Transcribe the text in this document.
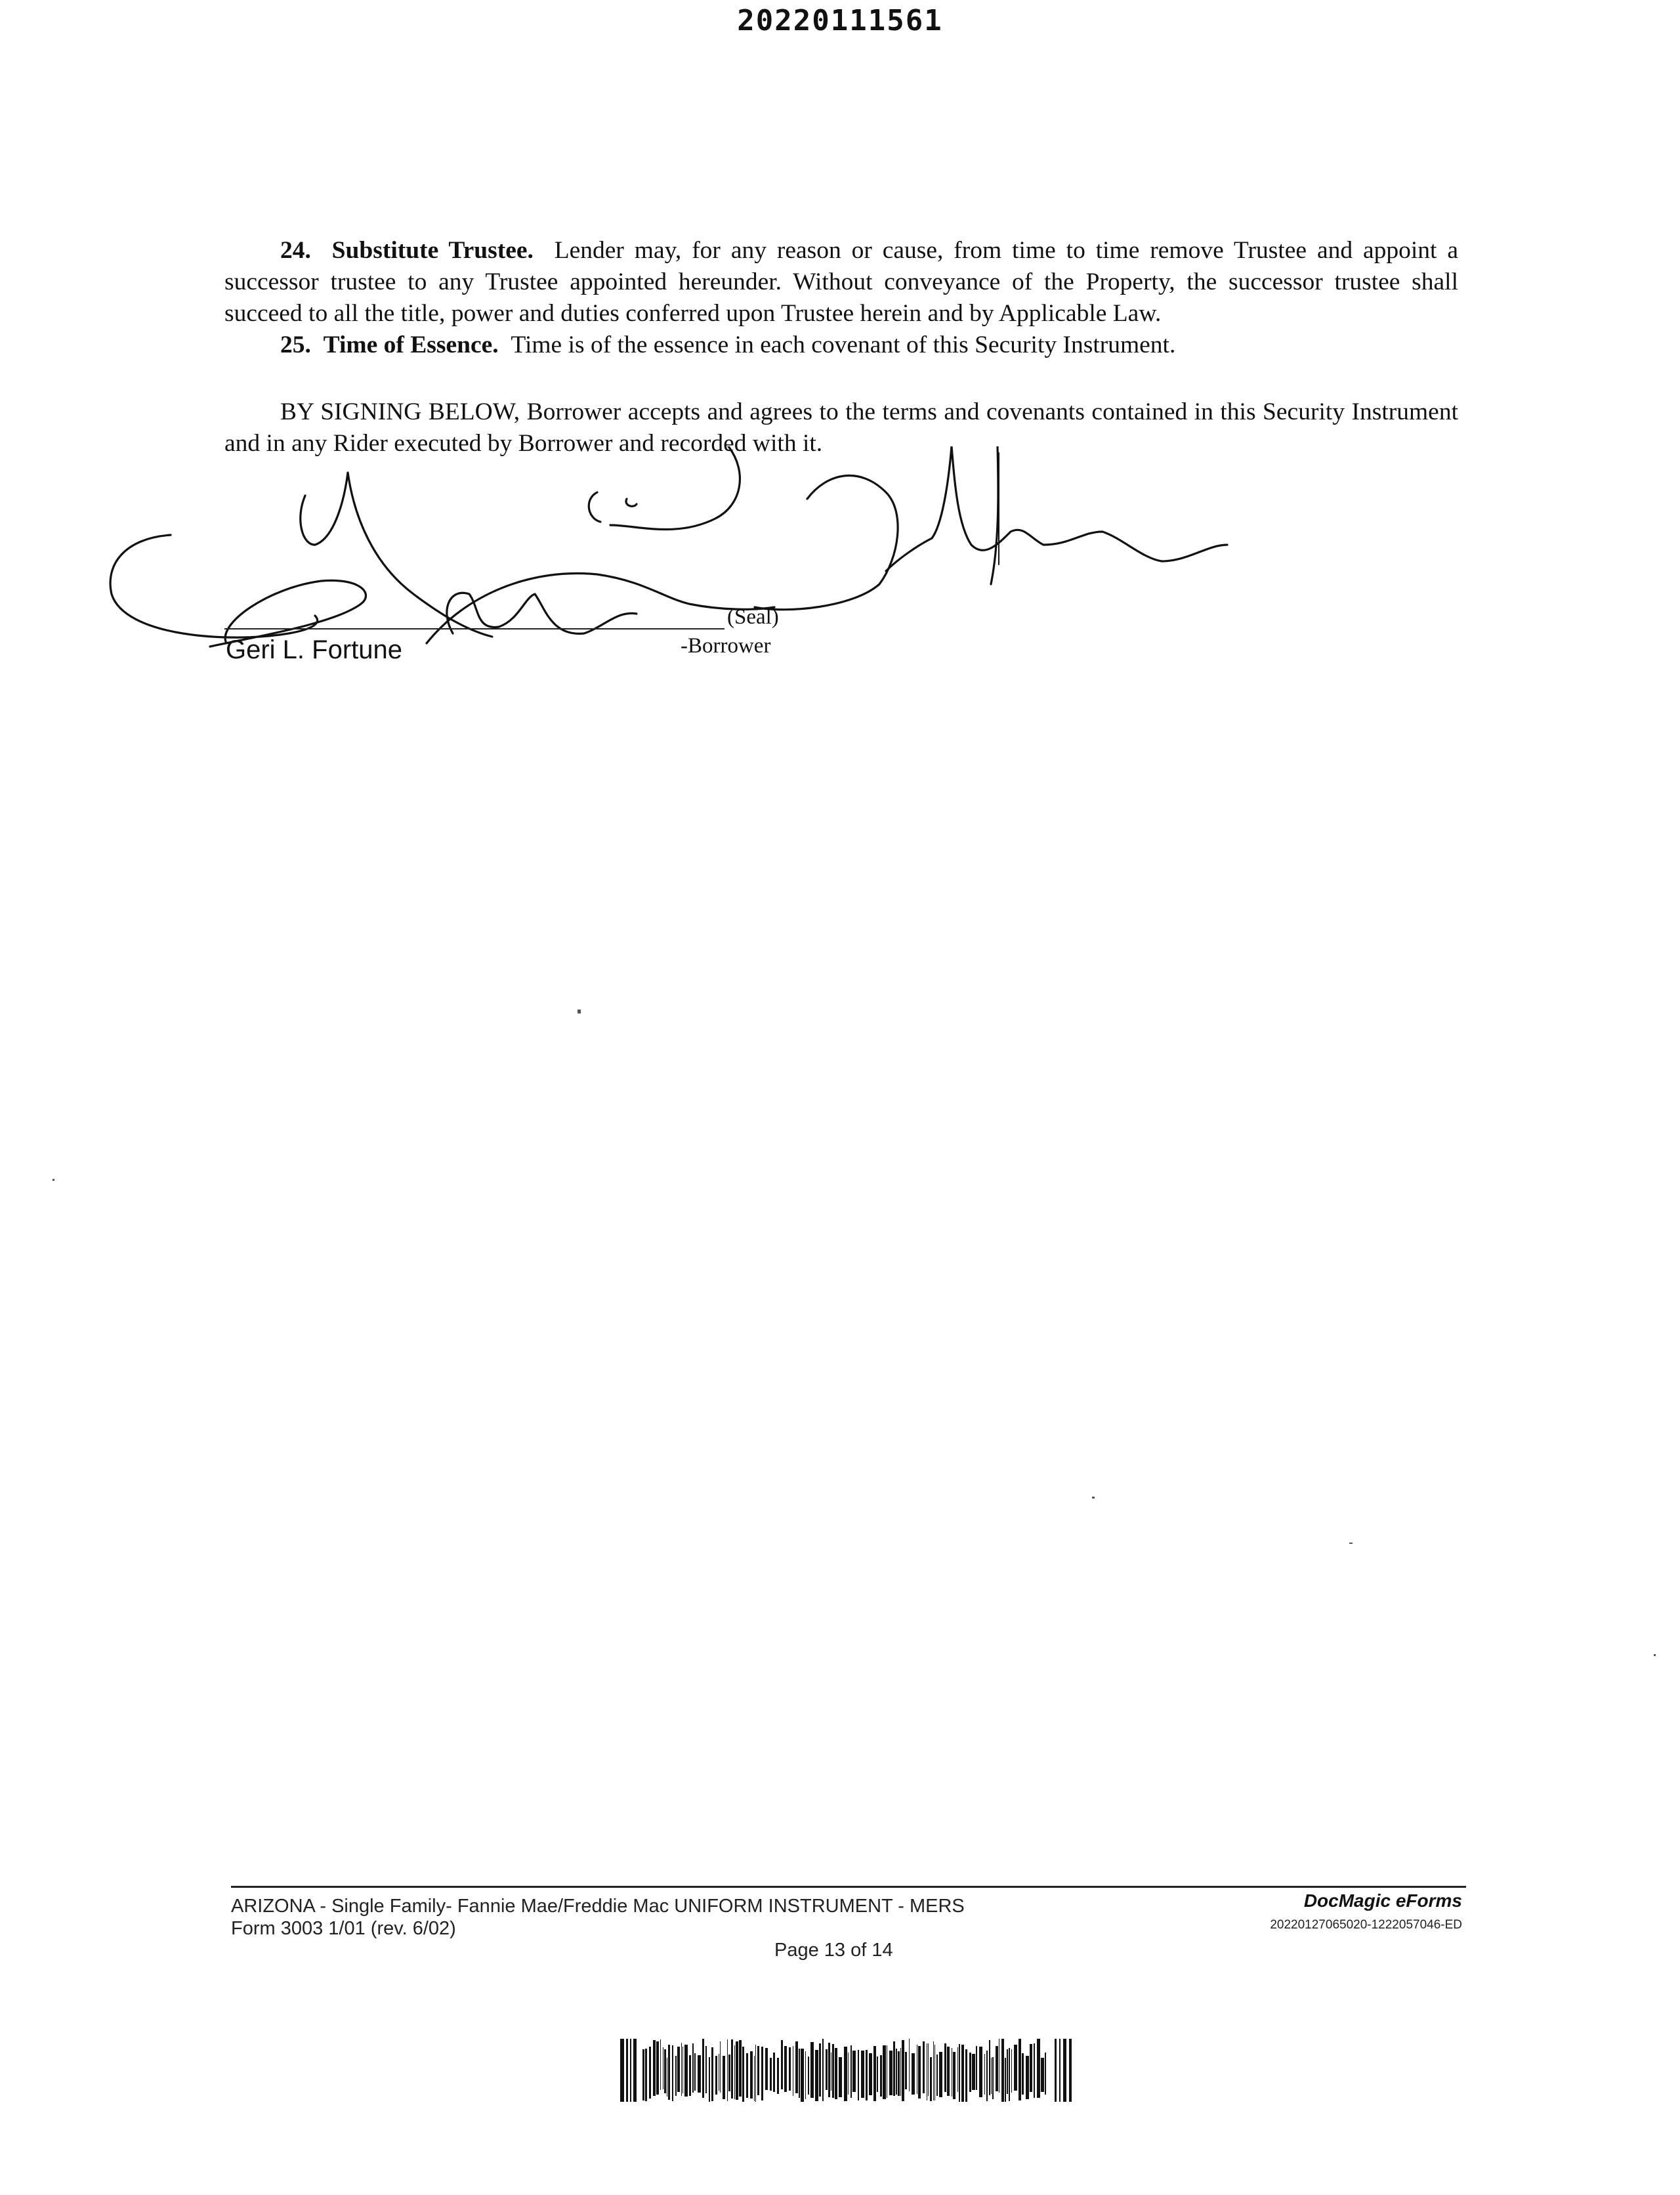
20220111561

24. Substitute Trustee. Lender may, for any reason or cause, from time to time remove Trustee and appoint a successor trustee to any Trustee appointed hereunder. Without conveyance of the Property, the successor trustee shall succeed to all the title, power and duties conferred upon Trustee herein and by Applicable Law.

25. Time of Essence. Time is of the essence in each covenant of this Security Instrument.

BY SIGNING BELOW, Borrower accepts and agrees to the terms and covenants contained in this Security Instrument and in any Rider executed by Borrower and recorded with it.

(Seal)
Geri L. Fortune	-Borrower
ARIZONA - Single Family- Fannie Mae/Freddie Mac UNIFORM INSTRUMENT - MERS
Form 3003 1/01 (rev. 6/02)
Page 13 of 14
DocMagic eForms
20220127065020-1222057046-ED
